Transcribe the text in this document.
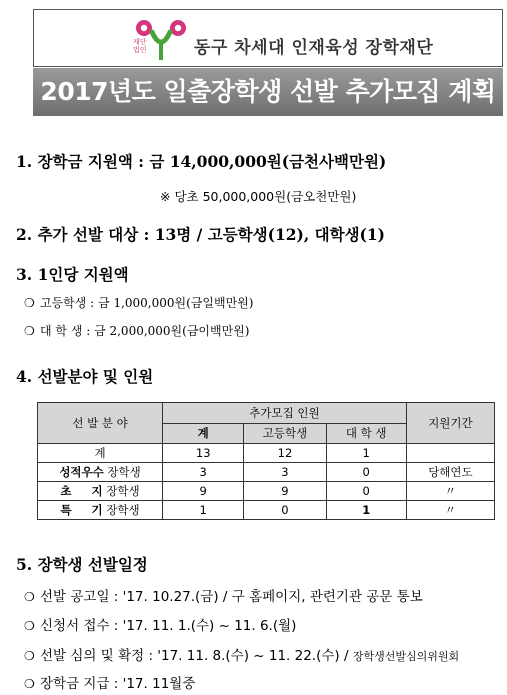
재단법인	동구 차세대 인재육성 장학재단
2017년도 일출장학생 선발 추가모집 계획
1. 장학금 지원액 : 금 14,000,000원(금천사백만원)
※ 당초 50,000,000원(금오천만원)
2. 추가 선발 대상 : 13명 / 고등학생(12), 대학생(1)
3. 1인당 지원액
❍ 고등학생 : 금 1,000,000원(금일백만원)
❍ 대 학 생 : 금 2,000,000원(금이백만원)
4. 선발분야 및 인원
선 발 분 야	추가모집 인원			지원기간
	계	고등학생	대 학 생	
계	13	12	1	
성적우수 장학생	3	3	0	당해연도
초     지 장학생	9	9	0	〃
특     기 장학생	1	0	1	〃
5. 장학생 선발일정
❍ 선발 공고일 : '17. 10.27.(금) / 구 홈페이지, 관련기관 공문 통보
❍ 신청서 접수 : '17. 11. 1.(수) ~ 11. 6.(월)
❍ 선발 심의 및 확정 : '17. 11. 8.(수) ~ 11. 22.(수) / 장학생선발심의위원회
❍ 장학금 지급 : '17. 11월중
